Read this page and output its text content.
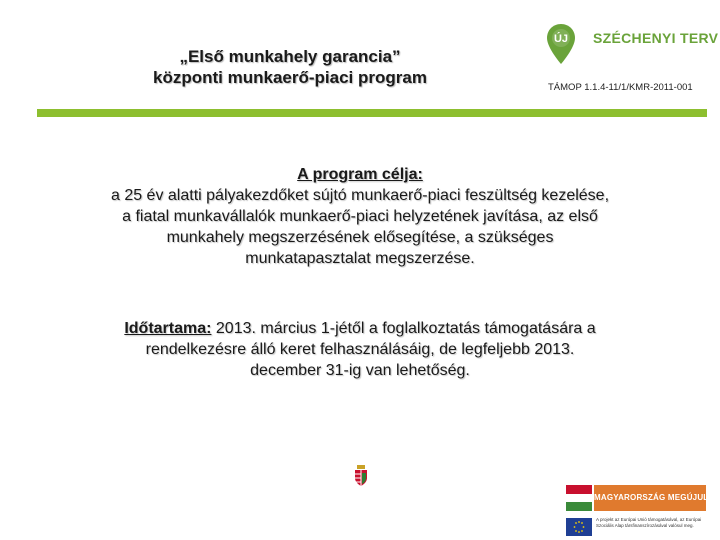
„Első munkahely garancia”
központi munkaerő-piaci program
ÚJ SZÉCHENYI TERV
TÁMOP 1.1.4-11/1/KMR-2011-001
A program célja:
a 25 év alatti pályakezdőket sújtó munkaerő-piaci feszültség kezelése,
a fiatal munkavállalók munkaerő-piaci helyzetének javítása, az első
munkahely megszerzésének elősegítése, a szükséges
munkatapasztalat megszerzése.
Időtartama: 2013. március 1-jétől a foglalkoztatás támogatására a
rendelkezésre álló keret felhasználásáig, de legfeljebb 2013.
december 31-ig van lehetőség.
MAGYARORSZÁG MEGÚJUL
A projekt az Európai Unió támogatásával, az Európai Szociális Alap társfinanszírozásával valósul meg.
